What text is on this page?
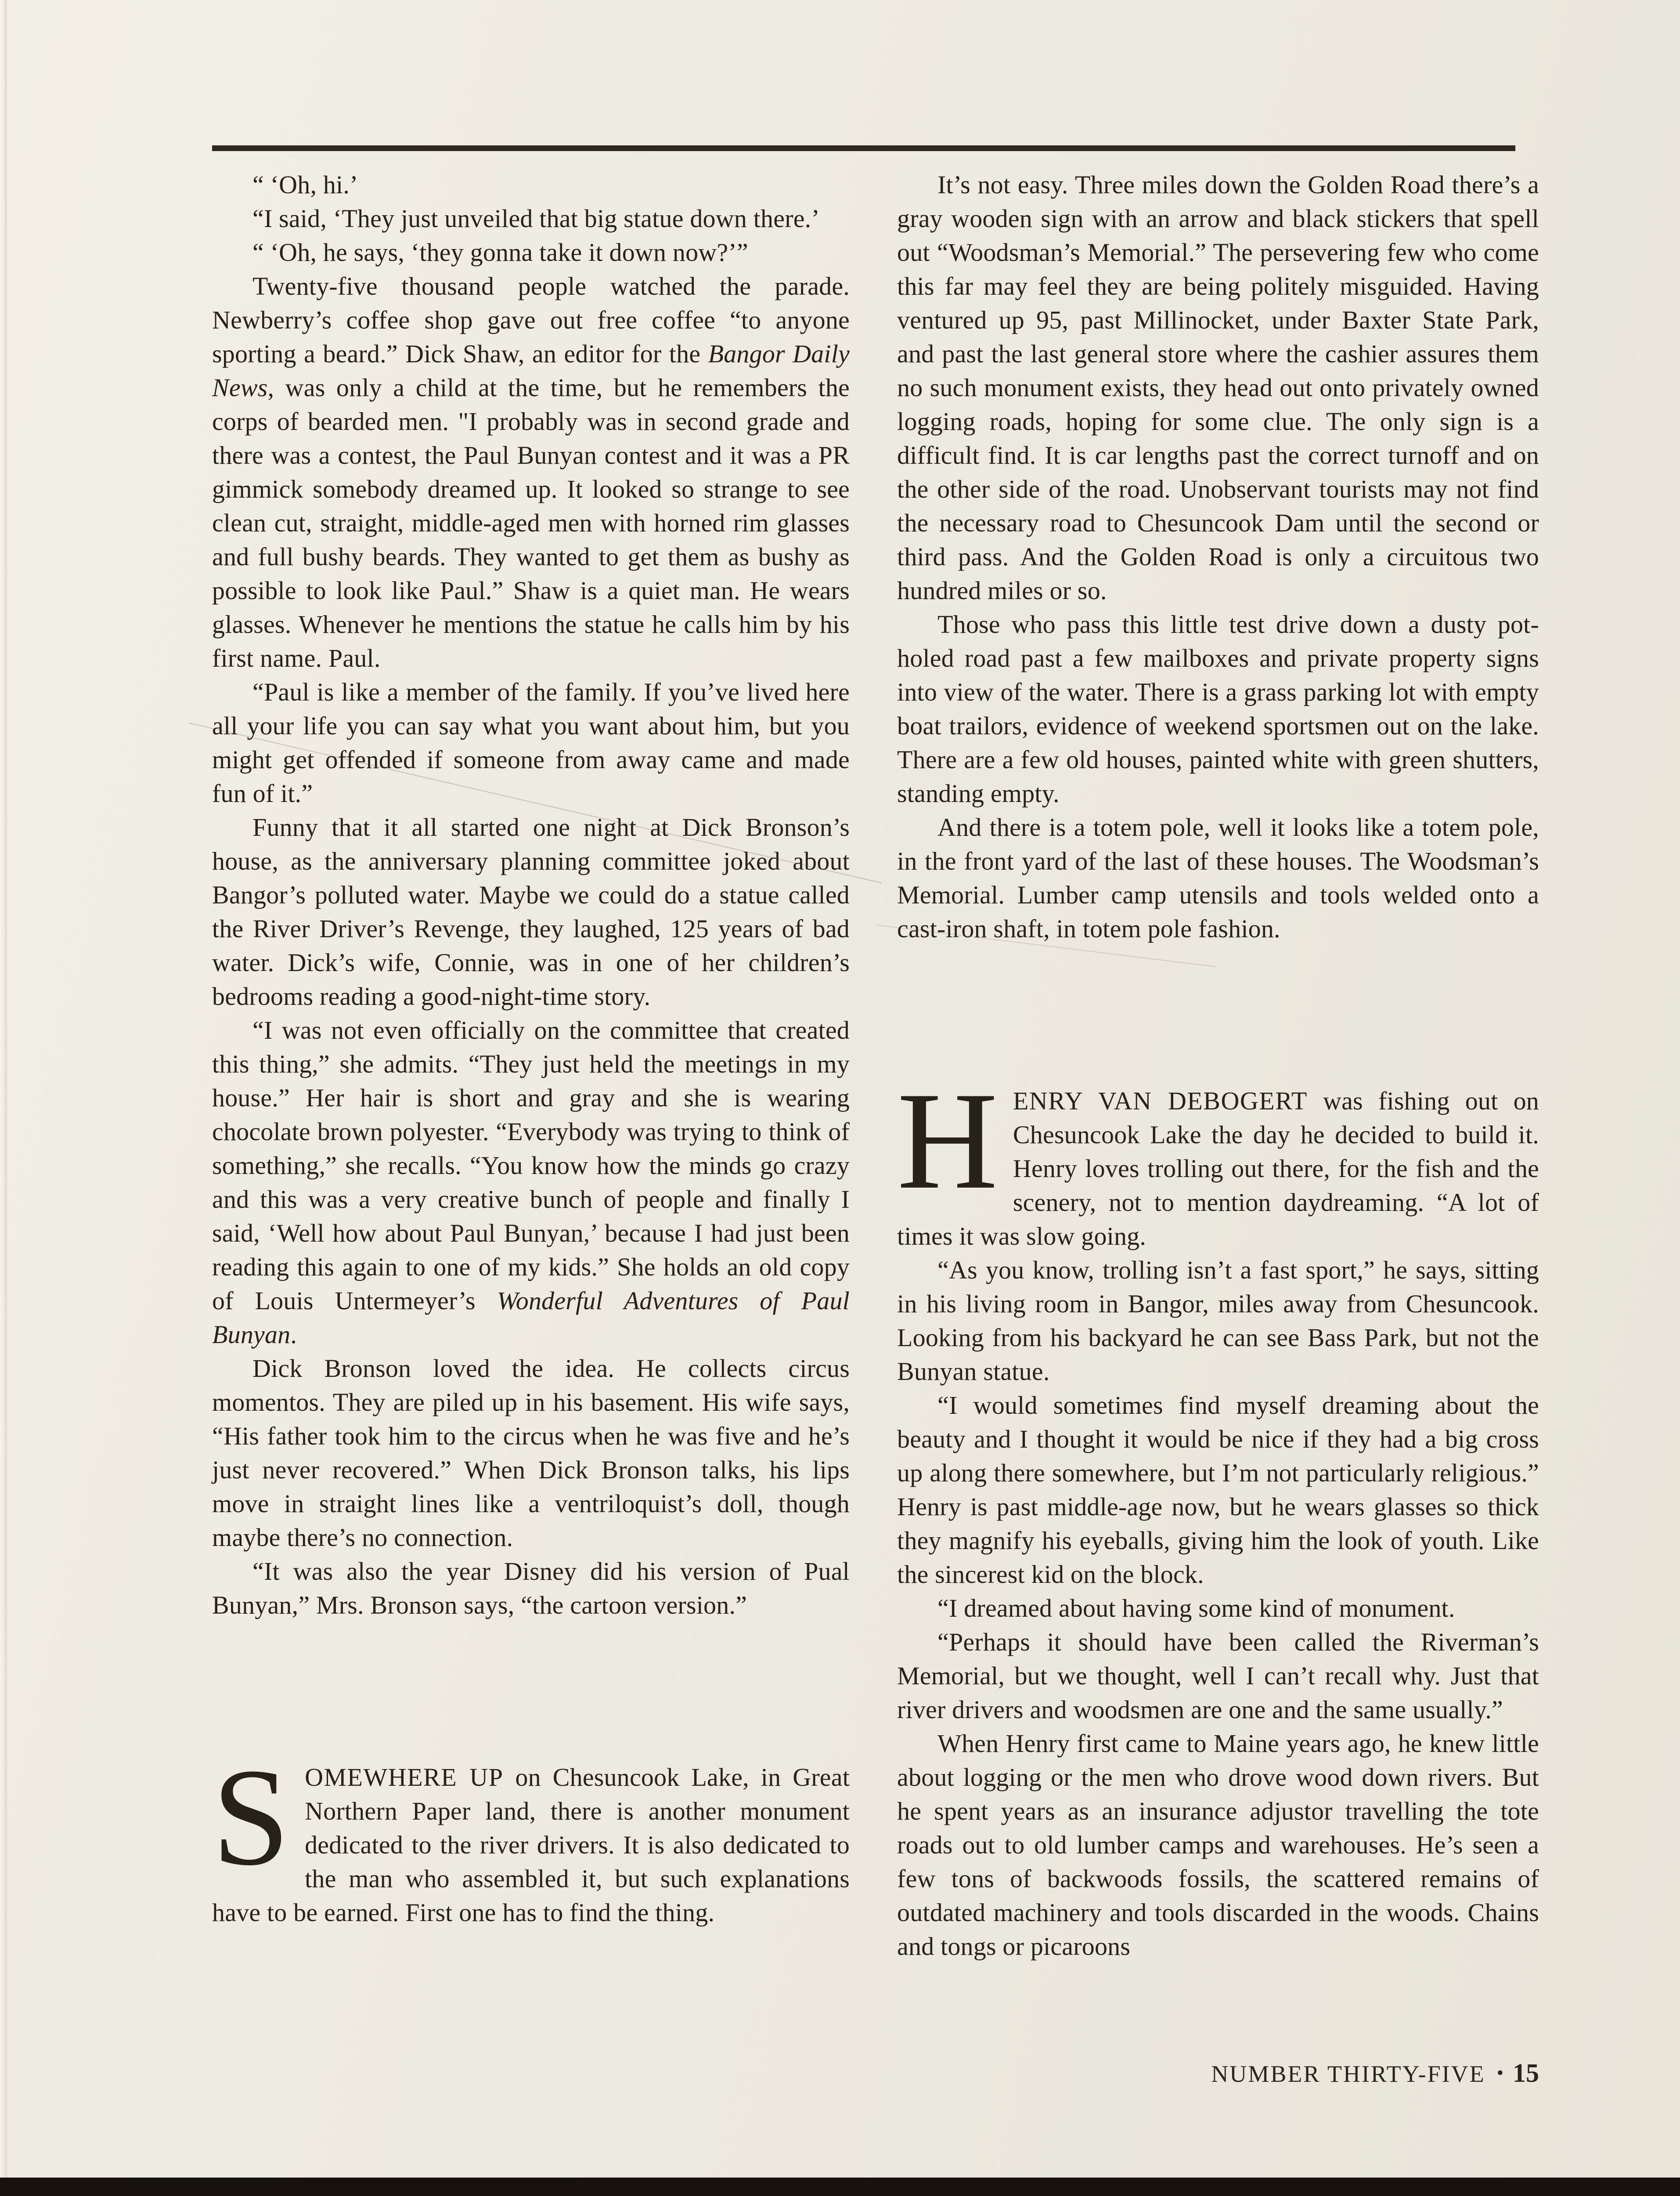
“ ‘Oh, hi.’

“I said, ‘They just unveiled that big statue down there.’

“ ‘Oh, he says, ‘they gonna take it down now?’”

Twenty-five thousand people watched the parade. Newberry’s coffee shop gave out free coffee “to anyone sporting a beard.” Dick Shaw, an editor for the Bangor Daily News, was only a child at the time, but he remembers the corps of bearded men. "I probably was in second grade and there was a contest, the Paul Bunyan contest and it was a PR gimmick somebody dreamed up. It looked so strange to see clean cut, straight, middle-aged men with horned rim glasses and full bushy beards. They wanted to get them as bushy as possible to look like Paul.” Shaw is a quiet man. He wears glasses. Whenever he mentions the statue he calls him by his first name. Paul.

“Paul is like a member of the family. If you’ve lived here all your life you can say what you want about him, but you might get offended if someone from away came and made fun of it.”

Funny that it all started one night at Dick Bronson’s house, as the anniversary planning committee joked about Bangor’s polluted water. Maybe we could do a statue called the River Driver’s Revenge, they laughed, 125 years of bad water. Dick’s wife, Connie, was in one of her children’s bedrooms reading a good-night-time story.

“I was not even officially on the committee that created this thing,” she admits. “They just held the meetings in my house.” Her hair is short and gray and she is wearing chocolate brown polyester. “Everybody was trying to think of something,” she recalls. “You know how the minds go crazy and this was a very creative bunch of people and finally I said, ‘Well how about Paul Bunyan,’ because I had just been reading this again to one of my kids.” She holds an old copy of Louis Untermeyer’s Wonderful Adventures of Paul Bunyan.

Dick Bronson loved the idea. He collects circus momentos. They are piled up in his basement. His wife says, “His father took him to the circus when he was five and he’s just never recovered.” When Dick Bronson talks, his lips move in straight lines like a ventriloquist’s doll, though maybe there’s no connection.

“It was also the year Disney did his version of Pual Bunyan,” Mrs. Bronson says, “the cartoon version.”

SOMEWHERE UP on Chesuncook Lake, in Great Northern Paper land, there is another monument dedicated to the river drivers. It is also dedicated to the man who assembled it, but such explanations have to be earned. First one has to find the thing.

It’s not easy. Three miles down the Golden Road there’s a gray wooden sign with an arrow and black stickers that spell out “Woodsman’s Memorial.” The persevering few who come this far may feel they are being politely misguided. Having ventured up 95, past Millinocket, under Baxter State Park, and past the last general store where the cashier assures them no such monument exists, they head out onto privately owned logging roads, hoping for some clue. The only sign is a difficult find. It is car lengths past the correct turnoff and on the other side of the road. Unobservant tourists may not find the necessary road to Chesuncook Dam until the second or third pass. And the Golden Road is only a circuitous two hundred miles or so.

Those who pass this little test drive down a dusty pot-holed road past a few mailboxes and private property signs into view of the water. There is a grass parking lot with empty boat trailors, evidence of weekend sportsmen out on the lake. There are a few old houses, painted white with green shutters, standing empty.

And there is a totem pole, well it looks like a totem pole, in the front yard of the last of these houses. The Woodsman’s Memorial. Lumber camp utensils and tools welded onto a cast-iron shaft, in totem pole fashion.

HENRY VAN DEBOGERT was fishing out on Chesuncook Lake the day he decided to build it. Henry loves trolling out there, for the fish and the scenery, not to mention daydreaming. “A lot of times it was slow going.

“As you know, trolling isn’t a fast sport,” he says, sitting in his living room in Bangor, miles away from Chesuncook. Looking from his backyard he can see Bass Park, but not the Bunyan statue.

“I would sometimes find myself dreaming about the beauty and I thought it would be nice if they had a big cross up along there somewhere, but I’m not particularly religious.” Henry is past middle-age now, but he wears glasses so thick they magnify his eyeballs, giving him the look of youth. Like the sincerest kid on the block.

“I dreamed about having some kind of monument.

“Perhaps it should have been called the Riverman’s Memorial, but we thought, well I can’t recall why. Just that river drivers and woodsmen are one and the same usually.”

When Henry first came to Maine years ago, he knew little about logging or the men who drove wood down rivers. But he spent years as an insurance adjustor travelling the tote roads out to old lumber camps and warehouses. He’s seen a few tons of backwoods fossils, the scattered remains of outdated machinery and tools discarded in the woods. Chains and tongs or picaroons

NUMBER THIRTY-FIVE • 15
